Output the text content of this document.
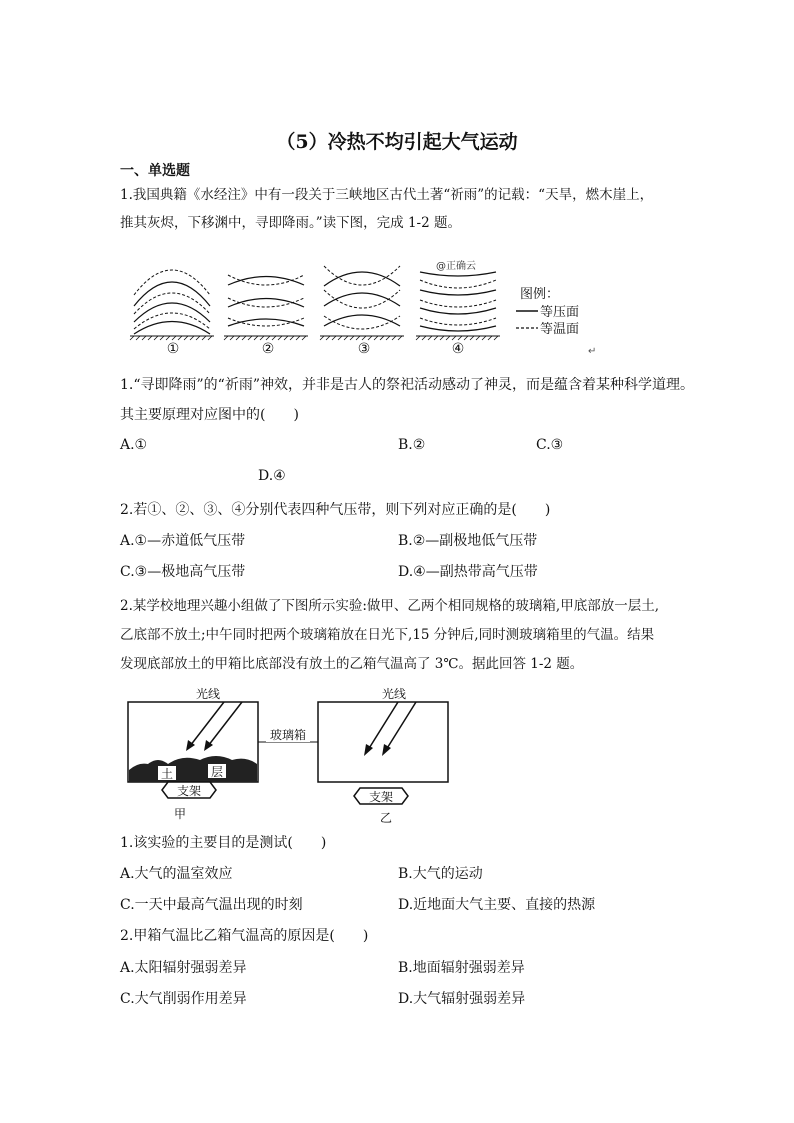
（5）冷热不均引起大气运动
一、单选题
1.我国典籍《水经注》中有一段关于三峡地区古代土著“祈雨”的记载：“天旱，燃木崖上，
推其灰烬，下移渊中，寻即降雨。”读下图，完成 1-2 题。
@正确云
图例：
等压面
等温面
①	②	③	④	↵
1.“寻即降雨”的“祈雨”神效，并非是古人的祭祀活动感动了神灵，而是蕴含着某种科学道理。
其主要原理对应图中的(　　)
A.①	B.②	C.③
D.④
2.若①、②、③、④分别代表四种气压带，则下列对应正确的是(　　)
A.①—赤道低气压带	B.②—副极地低气压带
C.③—极地高气压带	D.④—副热带高气压带
2.某学校地理兴趣小组做了下图所示实验:做甲、乙两个相同规格的玻璃箱,甲底部放一层土,
乙底部不放土;中午同时把两个玻璃箱放在日光下,15 分钟后,同时测玻璃箱里的气温。结果
发现底部放土的甲箱比底部没有放土的乙箱气温高了 3℃。据此回答 1-2 题。
土	层
光线
支架
甲
玻璃箱
光线
支架
乙
1.该实验的主要目的是测试(　　)
A.大气的温室效应	B.大气的运动
C.一天中最高气温出现的时刻	D.近地面大气主要、直接的热源
2.甲箱气温比乙箱气温高的原因是(　　)
A.太阳辐射强弱差异	B.地面辐射强弱差异
C.大气削弱作用差异	D.大气辐射强弱差异
